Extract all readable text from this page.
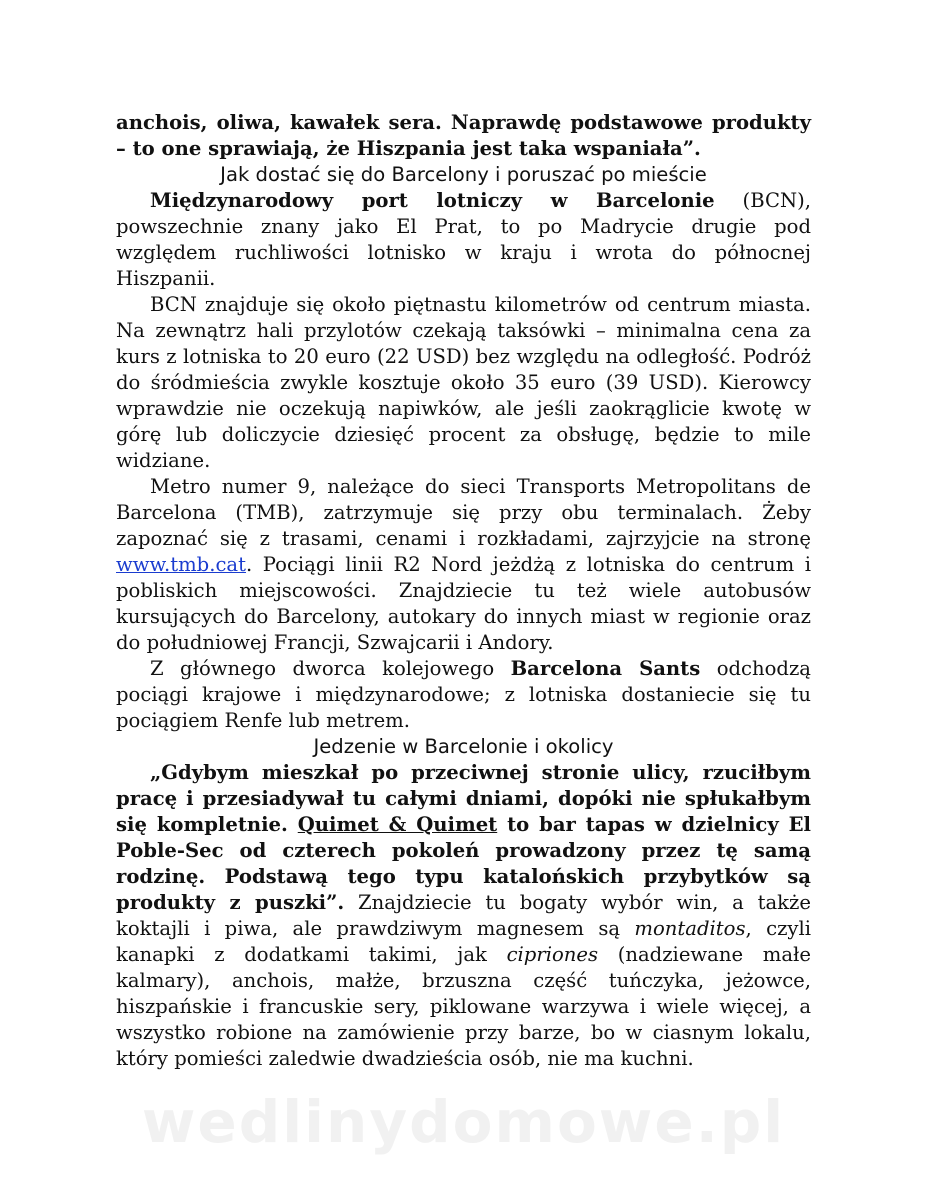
anchois, oliwa, kawałek sera. Naprawdę podstawowe produkty

– to one sprawiają, że Hiszpania jest taka wspaniała”.

Jak dostać się do Barcelony i poruszać po mieście

Międzynarodowy port lotniczy w Barcelonie (BCN), powszechnie znany jako El Prat, to po Madrycie drugie pod względem ruchliwości lotnisko w kraju i wrota do północnej Hiszpanii.

BCN znajduje się około piętnastu kilometrów od centrum miasta. Na zewnątrz hali przylotów czekają taksówki – minimalna cena za kurs z lotniska to 20 euro (22 USD) bez względu na odległość. Podróż do śródmieścia zwykle kosztuje około 35 euro (39 USD). Kierowcy wprawdzie nie oczekują napiwków, ale jeśli zaokrąglicie kwotę w górę lub doliczycie dziesięć procent za obsługę, będzie to mile widziane.

Metro numer 9, należące do sieci Transports Metropolitans de Barcelona (TMB), zatrzymuje się przy obu terminalach. Żeby zapoznać się z trasami, cenami i rozkładami, zajrzyjcie na stronę www.tmb.cat. Pociągi linii R2 Nord jeżdżą z lotniska do centrum i pobliskich miejscowości. Znajdziecie tu też wiele autobusów kursujących do Barcelony, autokary do innych miast w regionie oraz do południowej Francji, Szwajcarii i Andory.

Z głównego dworca kolejowego Barcelona Sants odchodzą pociągi krajowe i międzynarodowe; z lotniska dostaniecie się tu pociągiem Renfe lub metrem.

Jedzenie w Barcelonie i okolicy

„Gdybym mieszkał po przeciwnej stronie ulicy, rzuciłbym pracę i przesiadywał tu całymi dniami, dopóki nie spłukałbym się kompletnie. Quimet & Quimet to bar tapas w dzielnicy El Poble-Sec od czterech pokoleń prowadzony przez tę samą rodzinę. Podstawą tego typu katalońskich przybytków są produkty z puszki”. Znajdziecie tu bogaty wybór win, a także koktajli i piwa, ale prawdziwym magnesem są montaditos, czyli kanapki z dodatkami takimi, jak cipriones (nadziewane małe kalmary), anchois, małże, brzuszna część tuńczyka, jeżowce, hiszpańskie i francuskie sery, piklowane warzywa i wiele więcej, a wszystko robione na zamówienie przy barze, bo w ciasnym lokalu, który pomieści zaledwie dwadzieścia osób, nie ma kuchni.

wedlinydomowe.pl
